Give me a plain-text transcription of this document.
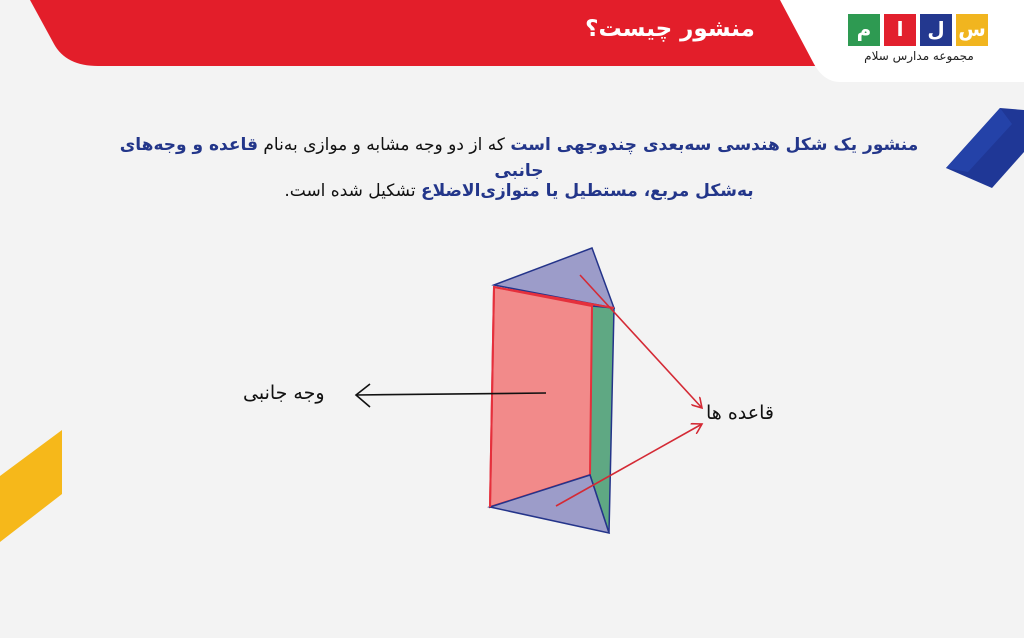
منشور چیست؟	م	ا	ل س
مجموعه مدارس سلام
منشور یک شکل هندسی سه‌بعدی چندوجهی است که از دو وجه مشابه و موازی به‌نام قاعده و وجه‌های جانبی
به‌شکل مربع، مستطیل یا متوازی‌الاضلاع تشکیل شده است.
وجه جانبی
قاعده ها
